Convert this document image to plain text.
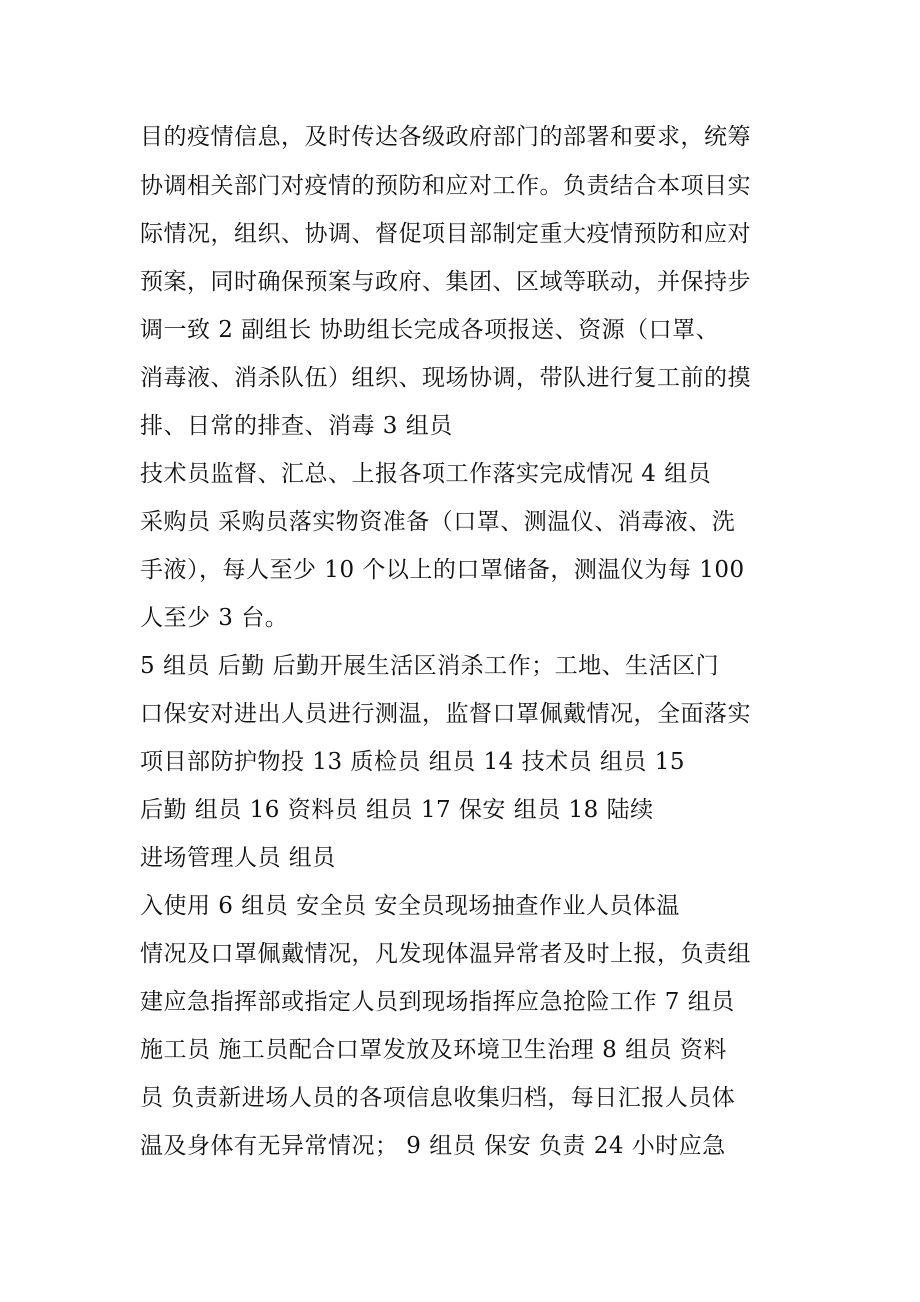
目的疫情信息，及时传达各级政府部门的部署和要求，统筹
协调相关部门对疫情的预防和应对工作。负责结合本项目实
际情况，组织、协调、督促项目部制定重大疫情预防和应对
预案，同时确保预案与政府、集团、区域等联动，并保持步
调一致 2 副组长 协助组长完成各项报送、资源（口罩、
消毒液、消杀队伍）组织、现场协调，带队进行复工前的摸
排、日常的排查、消毒 3 组员
技术员监督、汇总、上报各项工作落实完成情况 4 组员
采购员 采购员落实物资准备（口罩、测温仪、消毒液、洗
手液），每人至少 10 个以上的口罩储备，测温仪为每 100
人至少 3 台。
5 组员 后勤 后勤开展生活区消杀工作；工地、生活区门
口保安对进出人员进行测温，监督口罩佩戴情况，全面落实
项目部防护物投 13 质检员 组员 14 技术员 组员 15
后勤 组员 16 资料员 组员 17 保安 组员 18 陆续
进场管理人员 组员
入使用 6 组员 安全员 安全员现场抽查作业人员体温
情况及口罩佩戴情况，凡发现体温异常者及时上报，负责组
建应急指挥部或指定人员到现场指挥应急抢险工作 7 组员
施工员 施工员配合口罩发放及环境卫生治理 8 组员 资料
员 负责新进场人员的各项信息收集归档，每日汇报人员体
温及身体有无异常情况； 9 组员 保安 负责 24 小时应急
